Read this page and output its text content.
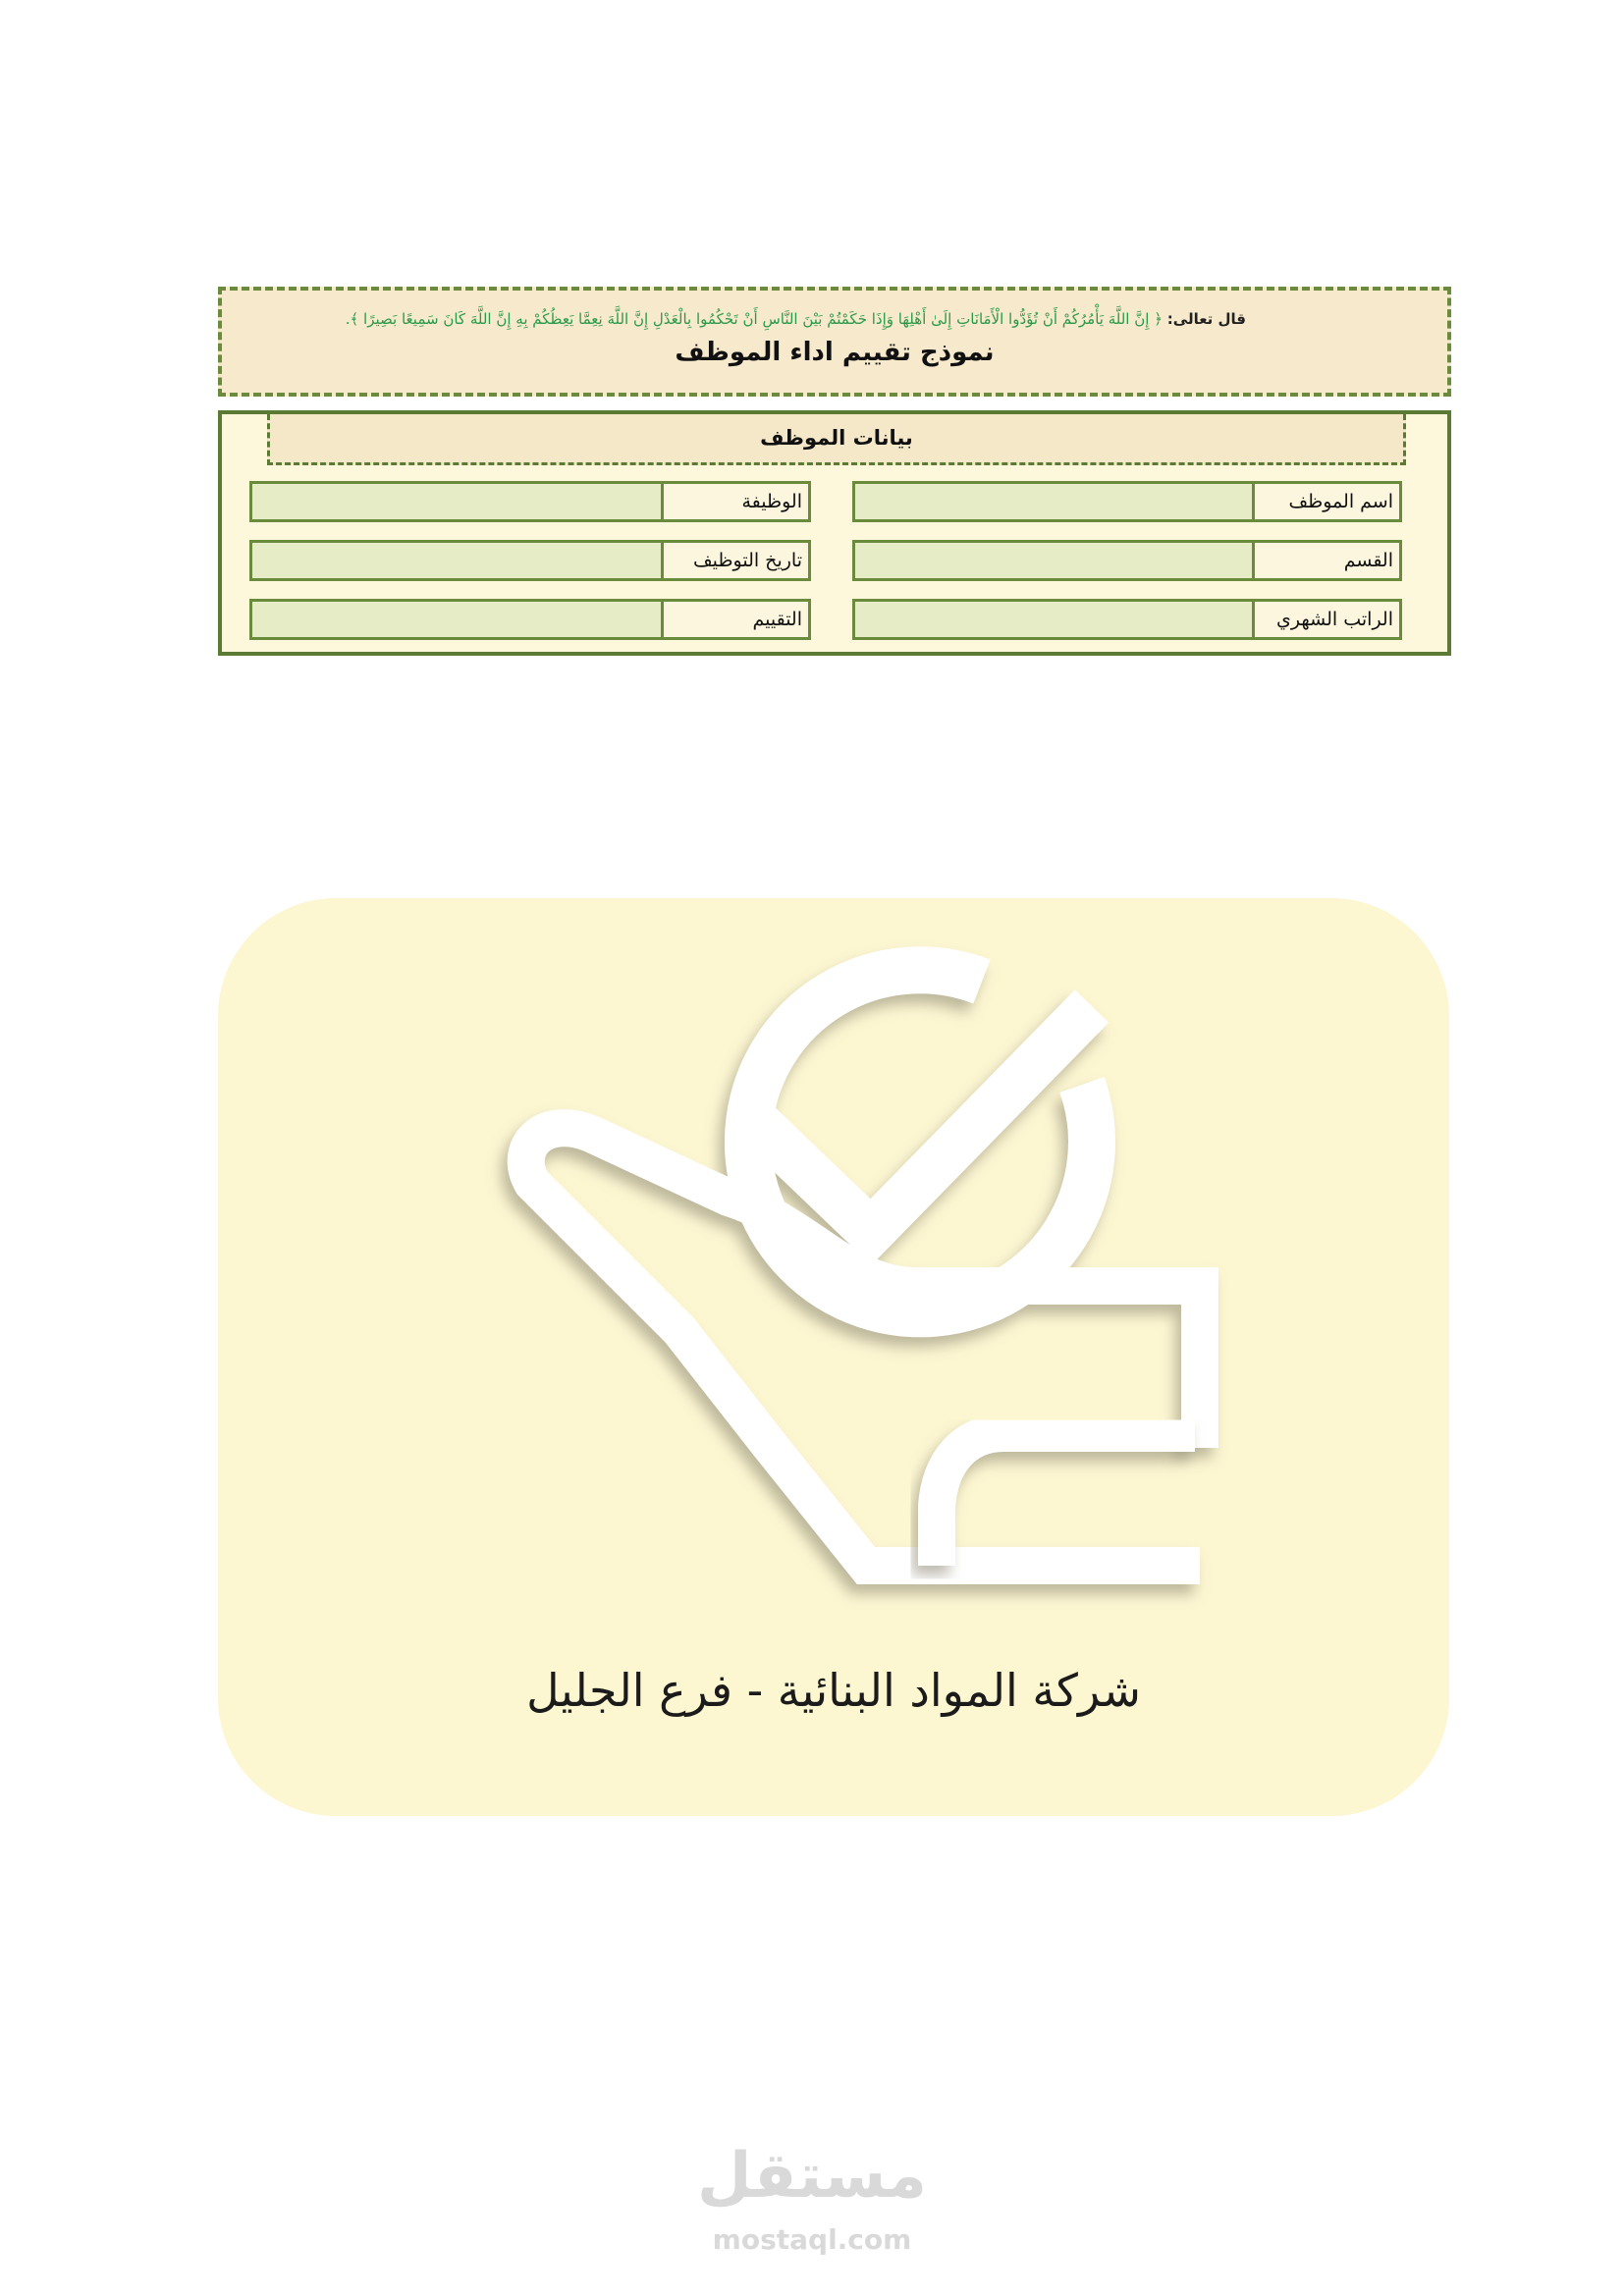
قال تعالى: ﴿ إِنَّ اللَّهَ يَأْمُرُكُمْ أَنْ تُؤَدُّوا الْأَمَانَاتِ إِلَىٰ أَهْلِهَا وَإِذَا حَكَمْتُمْ بَيْنَ النَّاسِ أَنْ تَحْكُمُوا بِالْعَدْلِ إِنَّ اللَّهَ نِعِمَّا يَعِظُكُمْ بِهِ إِنَّ اللَّهَ كَانَ سَمِيعًا بَصِيرًا ﴾.
نموذج تقييم اداء الموظف
بيانات الموظف
اسم الموظف
القسم
الراتب الشهري
الوظيفة
تاريخ التوظيف
التقييم
شركة المواد البنائية - فرع الجليل
مستقل
mostaql.com
